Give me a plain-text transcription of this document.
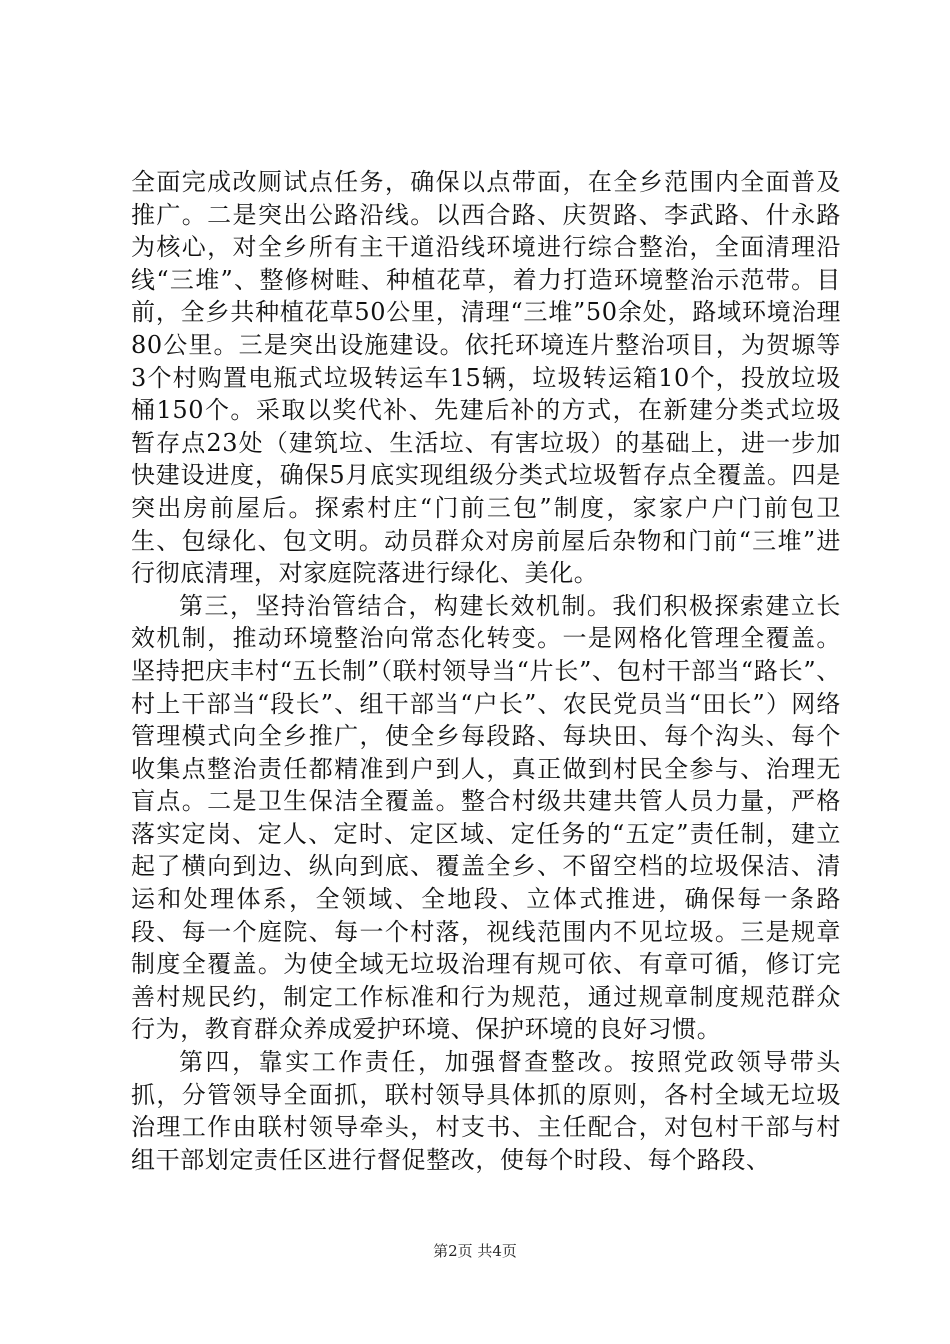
全面完成改厕试点任务，确保以点带面，在全乡范围内全面普及推广。二是突出公路沿线。以西合路、庆贺路、李武路、什永路为核心，对全乡所有主干道沿线环境进行综合整治，全面清理沿线“三堆”、整修树畦、种植花草，着力打造环境整治示范带。目前，全乡共种植花草50公里，清理“三堆”50余处，路域环境治理80公里。三是突出设施建设。依托环境连片整治项目，为贺塬等3个村购置电瓶式垃圾转运车15辆，垃圾转运箱10个，投放垃圾桶150个。采取以奖代补、先建后补的方式，在新建分类式垃圾暂存点23处（建筑垃、生活垃、有害垃圾）的基础上，进一步加快建设进度，确保5月底实现组级分类式垃圾暂存点全覆盖。四是突出房前屋后。探索村庄“门前三包”制度，家家户户门前包卫生、包绿化、包文明。动员群众对房前屋后杂物和门前“三堆”进行彻底清理，对家庭院落进行绿化、美化。

第三，坚持治管结合，构建长效机制。我们积极探索建立长效机制，推动环境整治向常态化转变。一是网格化管理全覆盖。坚持把庆丰村“五长制”（联村领导当“片长”、包村干部当“路长”、村上干部当“段长”、组干部当“户长”、农民党员当“田长”）网络管理模式向全乡推广，使全乡每段路、每块田、每个沟头、每个收集点整治责任都精准到户到人，真正做到村民全参与、治理无盲点。二是卫生保洁全覆盖。整合村级共建共管人员力量，严格落实定岗、定人、定时、定区域、定任务的“五定”责任制，建立起了横向到边、纵向到底、覆盖全乡、不留空档的垃圾保洁、清运和处理体系，全领域、全地段、立体式推进，确保每一条路段、每一个庭院、每一个村落，视线范围内不见垃圾。三是规章制度全覆盖。为使全域无垃圾治理有规可依、有章可循，修订完善村规民约，制定工作标准和行为规范，通过规章制度规范群众行为，教育群众养成爱护环境、保护环境的良好习惯。

第四，靠实工作责任，加强督查整改。按照党政领导带头抓，分管领导全面抓，联村领导具体抓的原则，各村全域无垃圾治理工作由联村领导牵头，村支书、主任配合，对包村干部与村组干部划定责任区进行督促整改，使每个时段、每个路段、

第2页 共4页
